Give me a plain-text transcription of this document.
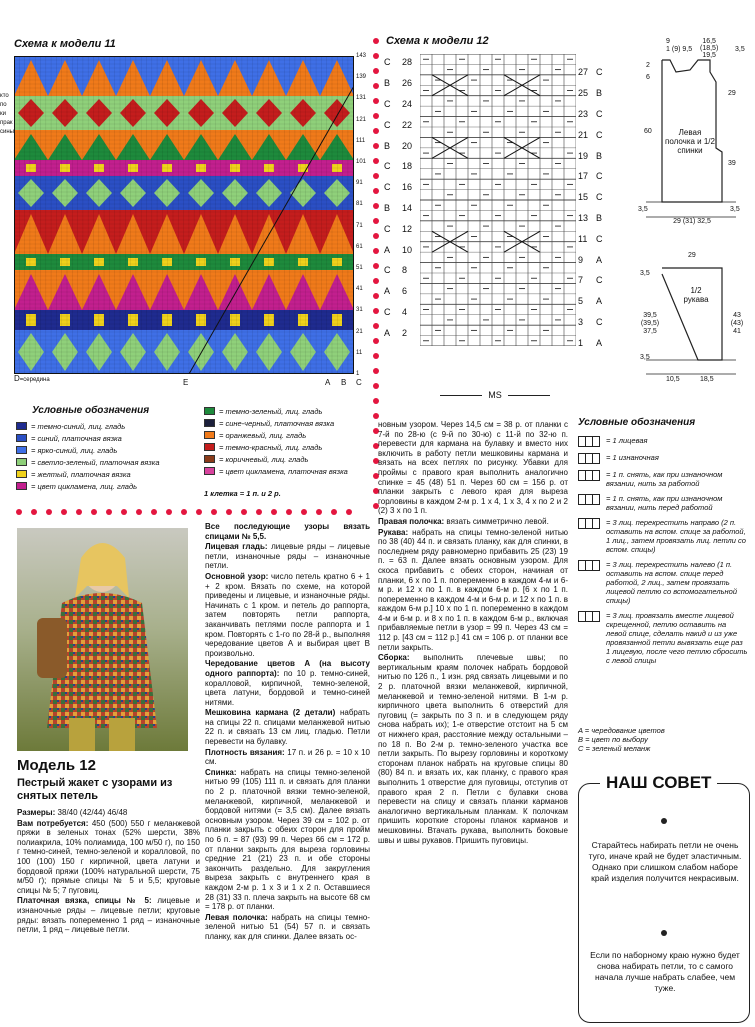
Схема к модели 11
кто по ки прак сины
143
139
131
121
111
101
91
81
71
61
51
41
31
21
11
1
D=середина	E	A B C
Условные обозначения
= темно-синий, лиц. гладь
= синий, платочная вязка
= ярко-синий, лиц. гладь
= светло-зеленый, платочная вязка
= желтый, платочная вязка
= цвет цикламена, лиц. гладь
= темно-зеленый, лиц. гладь
= сине-черный, платочная вязка
= оранжевый, лиц. гладь
= темно-красный, лиц. гладь
= коричневый, лиц. гладь
= цвет цикламена, платочная вязка
1 клетка = 1 п. и 2 р.
Модель 12
Пестрый жакет с узорами из снятых петель

Размеры: 38/40 (42/44) 46/48

Вам потребуется: 450 (500) 550 г меланжевой пряжи в зеленых тонах (52% шерсти, 38% полиакрила, 10% полиамида, 100 м/50 г), по 150 г темно-синей, темно-зеленой и коралловой, по 100 (100) 150 г кирпичной, цвета латуни и бордовой пряжи (100% натуральной шерсти, 75 м/50 г); прямые спицы № 5 и 5,5; круговые спицы № 5; 7 пуговиц.

Платочная вязка, спицы № 5: лицевые и изнаночные ряды – лицевые петли; круговые ряды: вязать попеременно 1 ряд – изнаночные петли, 1 ряд – лицевые петли.

Все последующие узоры вязать спицами № 5,5.

Лицевая гладь: лицевые ряды – лицевые петли, изнаночные ряды – изнаночные петли.

Основной узор: число петель кратно 6 + 1 + 2 кром. Вязать по схеме, на которой приведены и лицевые, и изнаночные ряды. Начинать с 1 кром. и петель до раппорта, затем повторять петли раппорта, заканчивать петлями после раппорта и 1 кром. Повторять с 1-го по 28-й р., выполняя чередование цветов A и выбирая цвет B произвольно.

Чередование цветов A (на высоту одного раппорта): по 10 р. темно-синей, коралловой, кирпичной, темно-зеленой, цвета латуни, бордовой и темно-синей нитями.

Мешковина кармана (2 детали) набрать на спицы 22 п. спицами меланжевой нитью 22 п. и связать 13 см лиц. гладью. Петли перевести на булавку.

Плотность вязания: 17 п. и 26 р. = 10 х 10 см.

Спинка: набрать на спицы темно-зеленой нитью 99 (105) 111 п. и связать для планки по 2 р. платочной вязки темно-зеленой, меланжевой, кирпичной, меланжевой и бордовой нитями (= 3,5 см). Далее вязать основным узором. Через 39 см = 102 р. от планки закрыть с обеих сторон для пройм по 6 п. = 87 (93) 99 п. Через 66 см = 172 р. от планки закрыть для выреза горловины средние 21 (21) 23 п. и обе стороны закончить раздельно. Для закругления выреза закрыть с внутреннего края в каждом 2-м р. 1 х 3 и 1 х 2 п. Оставшиеся 28 (31) 33 п. плеча закрыть на высоте 68 см = 178 р. от планки.

Левая полочка: набрать на спицы темно-зеленой нитью 51 (54) 57 п. и связать планку, как для спинки. Далее вязать ос-

Схема к модели 12
C	28
B	26
C	24
C	22
B	20
C	18
C	16
B	14
C	12
A	10
C	8
A	6
C	4
A	2
27 C
25 B
23 C
21 C
19 B
17 C
15 C
13 B
11 C
9	A
7	C
5	A
3	C
1	A
MS
9
1 (9) 9,5
16,5
(18,5)
19,5
3,5
2
6
60
29
39
Левая полочка и 1/2 спинки
3,5	3,5
29 (31) 32,5
29
3,5
1/2 рукава
39,5 (39,5) 37,5
43 (43) 41
3,5
10,5	18,5

новным узором. Через 14,5 см = 38 р. от планки с 7-й по 28-ю (с 9-й по 30-ю) с 11-й по 32-ю п. перевести для кармана на булавку и вместо них включить в работу петли мешковины кармана и вязать на всех петлях по рисунку. Убавки для проймы с правого края выполнить аналогично спинке = 45 (48) 51 п. Через 60 см = 156 р. от планки закрыть с левого края для выреза горловины в каждом 2-м р. 1 х 4, 1 х 3, 4 х по 2 и 2 (2) 3 х по 1 п.

Правая полочка: вязать симметрично левой.

Рукава: набрать на спицы темно-зеленой нитью по 38 (40) 44 п. и связать планку, как для спинки, в последнем ряду равномерно прибавить 25 (23) 19 п. = 63 п. Далее вязать основным узором. Для скоса прибавить с обеих сторон, начиная от планки, 6 х по 1 п. попеременно в каждом 4-м и 6-м р. и 12 х по 1 п. в каждом 6-м р. [6 х по 1 п. попеременно в каждом 4-м и 6-м р. и 12 х по 1 п. в каждом 6-м р.] 10 х по 1 п. попеременно в каждом 4-м и 6-м р. и 8 х по 1 п. в каждом 6-м р., включая прибавляемые петли в узор = 99 п. Через 43 см = 112 р. [43 см = 112 р.] 41 см = 106 р. от планки все петли закрыть.

Сборка: выполнить плечевые швы; по вертикальным краям полочек набрать бордовой нитью по 126 п., 1 изн. ряд связать лицевыми и по 2 р. платочной вязки меланжевой, кирпичной, меланжевой и темно-зеленой нитями. В 1-м р. кирпичного цвета выполнить 6 отверстий для пуговиц (= закрыть по 3 п. и в следующем ряду снова набрать их); 1-е отверстие отстоит на 5 см от нижнего края, расстояние между остальными – по 18 п. Во 2-м р. темно-зеленого участка все петли закрыть. По вырезу горловины и короткому сторонам планок набрать на круговые спицы 80 (80) 84 п. и вязать их, как планку, с правого края выполнить 1 отверстие для пуговицы, отступив от правого края 2 п. Петли с булавки снова перевести на спицу и связать планки карманов аналогично вертикальным планкам. К полочкам пришить короткие стороны планок карманов и мешковины. Втачать рукава, выполнить боковые швы и швы рукавов. Пришить пуговицы.

Условные обозначения
= 1 лицевая
= 1 изнаночная
= 1 п. снять, как при изнаночном вязании, нить за работой
= 1 п. снять, как при изнаночном вязании, нить перед работой
= 3 лиц. перекрестить направо (2 п. оставить на вспом. спице за работой, 1 лиц., затем провязать лиц. петли со вспом. спицы)
= 3 лиц. перекрестить налево (1 п. оставить на вспом. спице перед работой, 2 лиц., затем провязать лицевой петлю со вспомогательной спицы)
= 3 лиц. провязать вместе лицевой скрещенной, петлю оставить на левой спице, сделать накид и из уже провязанной петли вывязать еще раз 1 лицевую, после чего петлю сбросить с левой спицы
A = чередование цветов
B = цвет по выбору
C = зеленый меланж
НАШ СОВЕТ
Старайтесь набирать петли не очень туго, иначе край не будет эластичным. Однако при слишком слабом наборе край изделия получится некрасивым.
Если по наборному краю нужно будет снова набирать петли, то с самого начала лучше набрать слабее, чем туже.
